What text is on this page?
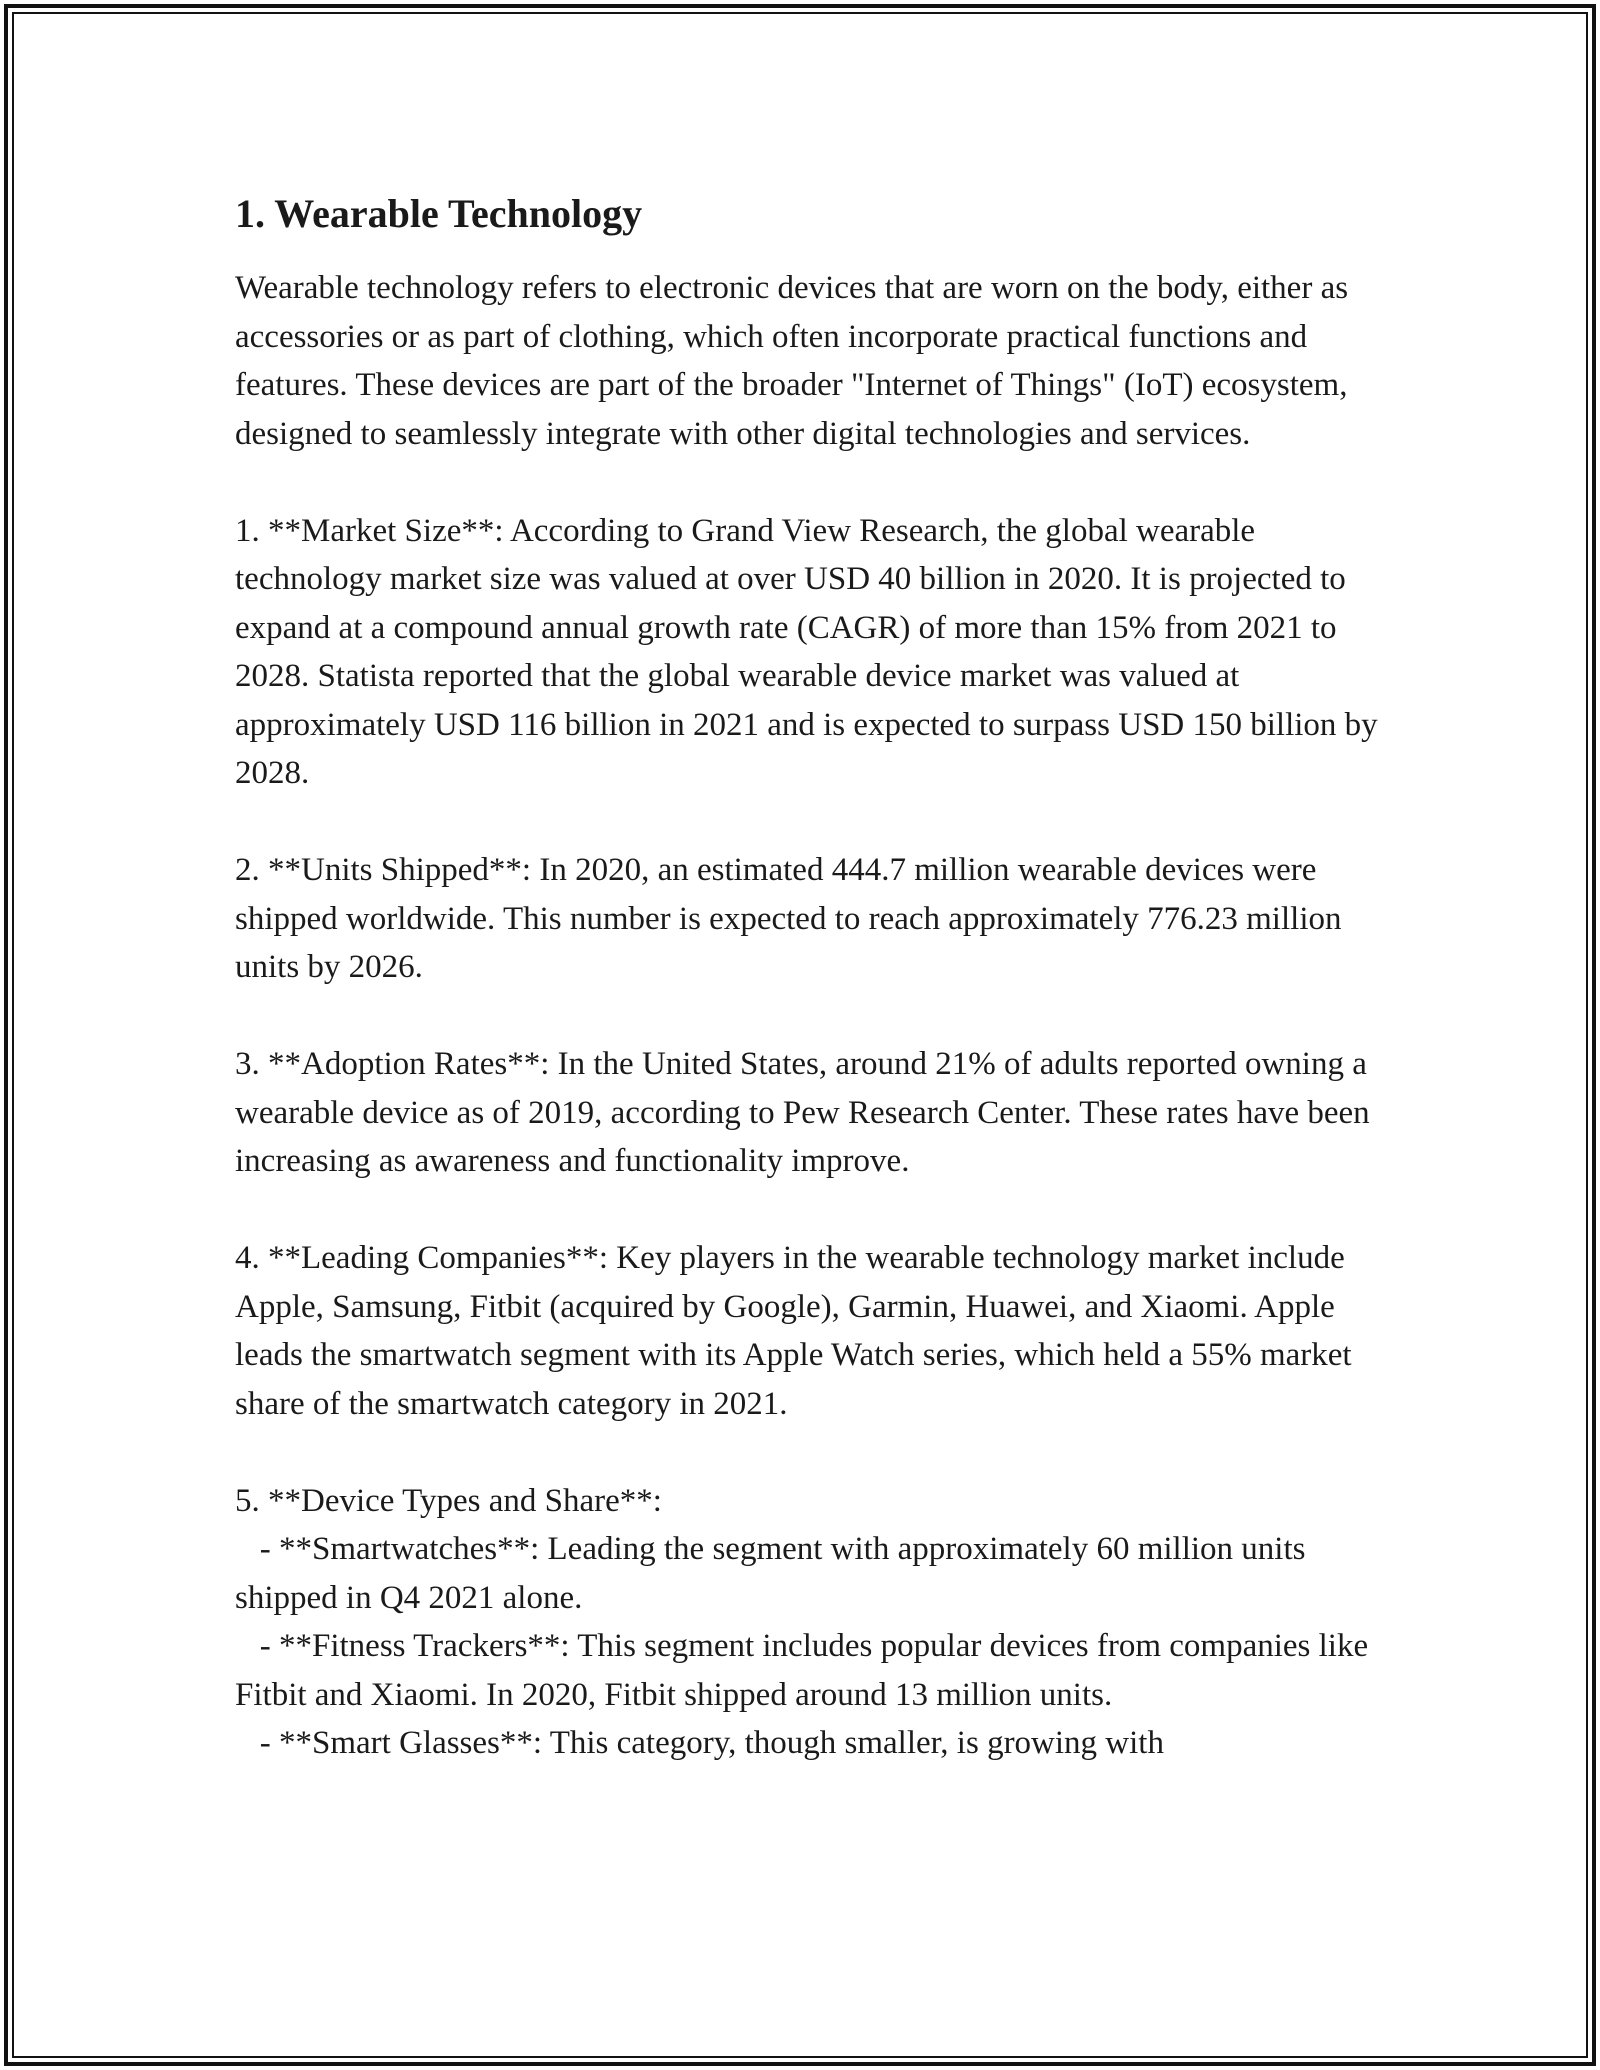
1. Wearable Technology

Wearable technology refers to electronic devices that are worn on the body, either as accessories or as part of clothing, which often incorporate practical functions and features. These devices are part of the broader "Internet of Things" (IoT) ecosystem, designed to seamlessly integrate with other digital technologies and services.

1. **Market Size**: According to Grand View Research, the global wearable technology market size was valued at over USD 40 billion in 2020. It is projected to expand at a compound annual growth rate (CAGR) of more than 15% from 2021 to 2028. Statista reported that the global wearable device market was valued at approximately USD 116 billion in 2021 and is expected to surpass USD 150 billion by 2028.

2. **Units Shipped**: In 2020, an estimated 444.7 million wearable devices were shipped worldwide. This number is expected to reach approximately 776.23 million units by 2026.

3. **Adoption Rates**: In the United States, around 21% of adults reported owning a wearable device as of 2019, according to Pew Research Center. These rates have been increasing as awareness and functionality improve.

4. **Leading Companies**: Key players in the wearable technology market include Apple, Samsung, Fitbit (acquired by Google), Garmin, Huawei, and Xiaomi. Apple leads the smartwatch segment with its Apple Watch series, which held a 55% market share of the smartwatch category in 2021.

5. **Device Types and Share**:

- **Smartwatches**: Leading the segment with approximately 60 million units shipped in Q4 2021 alone.

- **Fitness Trackers**: This segment includes popular devices from companies like Fitbit and Xiaomi. In 2020, Fitbit shipped around 13 million units.

- **Smart Glasses**: This category, though smaller, is growing with
